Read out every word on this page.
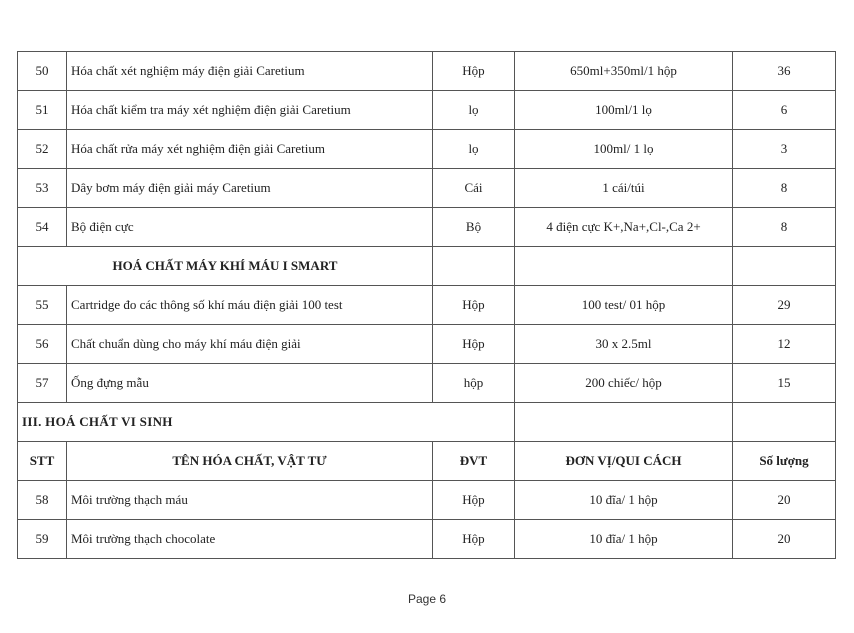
50	Hóa chất xét nghiệm máy điện giải Caretium	Hộp	650ml+350ml/1 hộp	36
51	Hóa chất kiểm tra máy xét nghiệm điện giải Caretium	lọ	100ml/1 lọ	6
52	Hóa chất rửa máy xét nghiệm điện giải Caretium	lọ	100ml/ 1 lọ	3
53	Dây bơm máy điện giải máy Caretium	Cái	1 cái/túi	8
54	Bộ điện cực	Bộ	4 điện cực K+,Na+,Cl-,Ca 2+	8
HOÁ CHẤT MÁY KHÍ MÁU I SMART				
55	Cartridge đo các thông số khí máu điện giải 100 test	Hộp	100 test/ 01 hộp	29
56	Chất chuẩn dùng cho máy khí máu điện giải	Hộp	30 x 2.5ml	12
57	Ống đựng mẫu	hộp	200 chiếc/ hộp	15
III. HOÁ CHẤT VI SINH				
STT	TÊN HÓA CHẤT, VẬT TƯ	ĐVT	ĐƠN VỊ/QUI CÁCH	Số lượng
58	Môi trường thạch máu	Hộp	10 đĩa/ 1 hộp	20
59	Môi trường thạch chocolate	Hộp	10 đĩa/ 1 hộp	20
Page 6
